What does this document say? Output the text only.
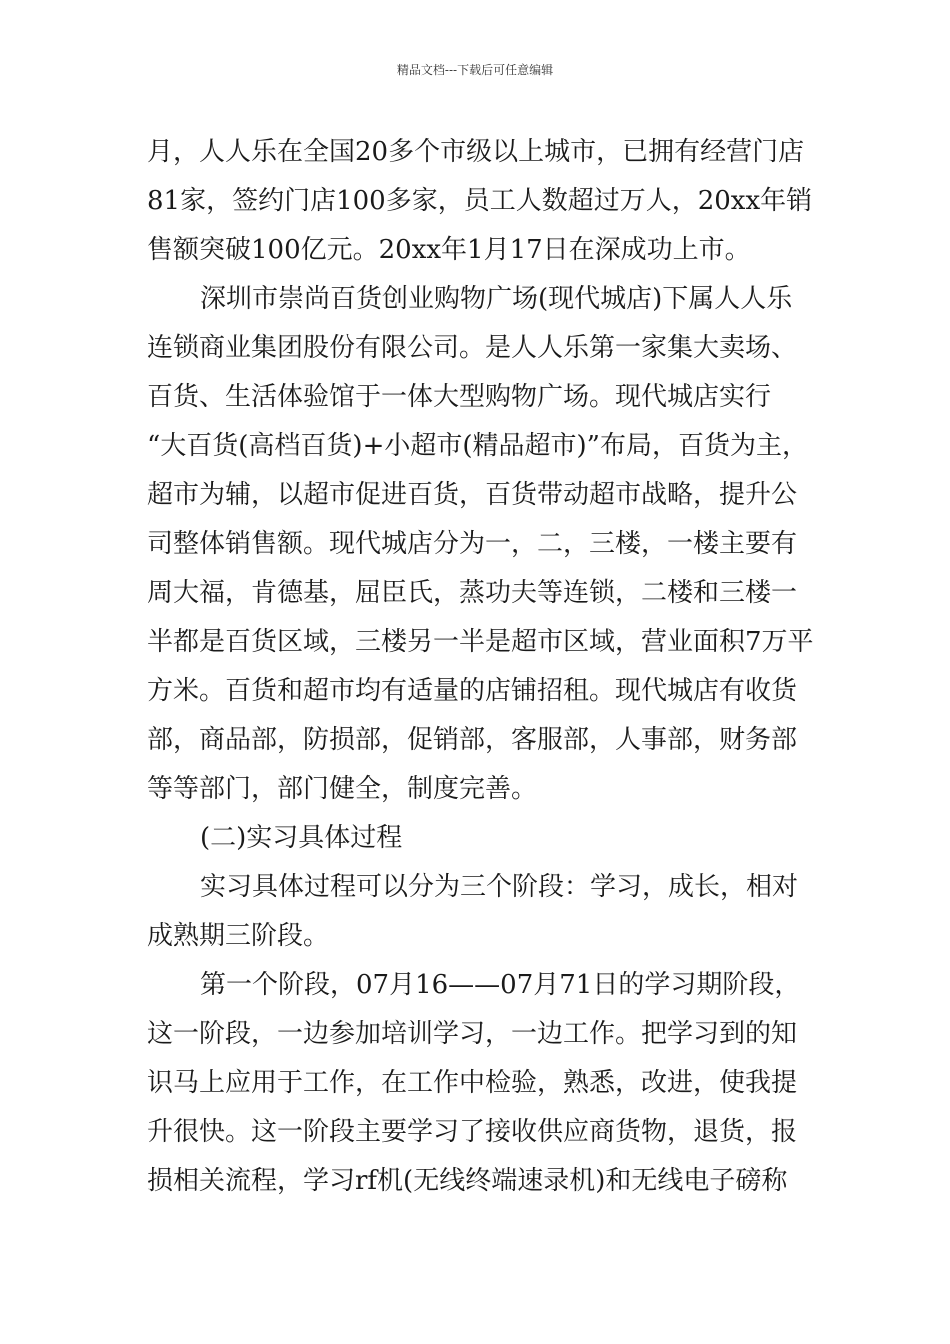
精品文档---下载后可任意编辑
月，人人乐在全国20多个市级以上城市，已拥有经营门店
81家，签约门店100多家，员工人数超过万人，20xx年销
售额突破100亿元。20xx年1月17日在深成功上市。
深圳市崇尚百货创业购物广场(现代城店)下属人人乐
连锁商业集团股份有限公司。是人人乐第一家集大卖场、
百货、生活体验馆于一体大型购物广场。现代城店实行
“大百货(高档百货)+小超市(精品超市)”布局，百货为主，
超市为辅，以超市促进百货，百货带动超市战略，提升公
司整体销售额。现代城店分为一，二，三楼，一楼主要有
周大福，肯德基，屈臣氏，蒸功夫等连锁，二楼和三楼一
半都是百货区域，三楼另一半是超市区域，营业面积7万平
方米。百货和超市均有适量的店铺招租。现代城店有收货
部，商品部，防损部，促销部，客服部，人事部，财务部
等等部门，部门健全，制度完善。
(二)实习具体过程
实习具体过程可以分为三个阶段：学习，成长，相对
成熟期三阶段。
第一个阶段，07月16——07月71日的学习期阶段，
这一阶段，一边参加培训学习，一边工作。把学习到的知
识马上应用于工作，在工作中检验，熟悉，改进，使我提
升很快。这一阶段主要学习了接收供应商货物，退货，报
损相关流程，学习rf机(无线终端速录机)和无线电子磅称
